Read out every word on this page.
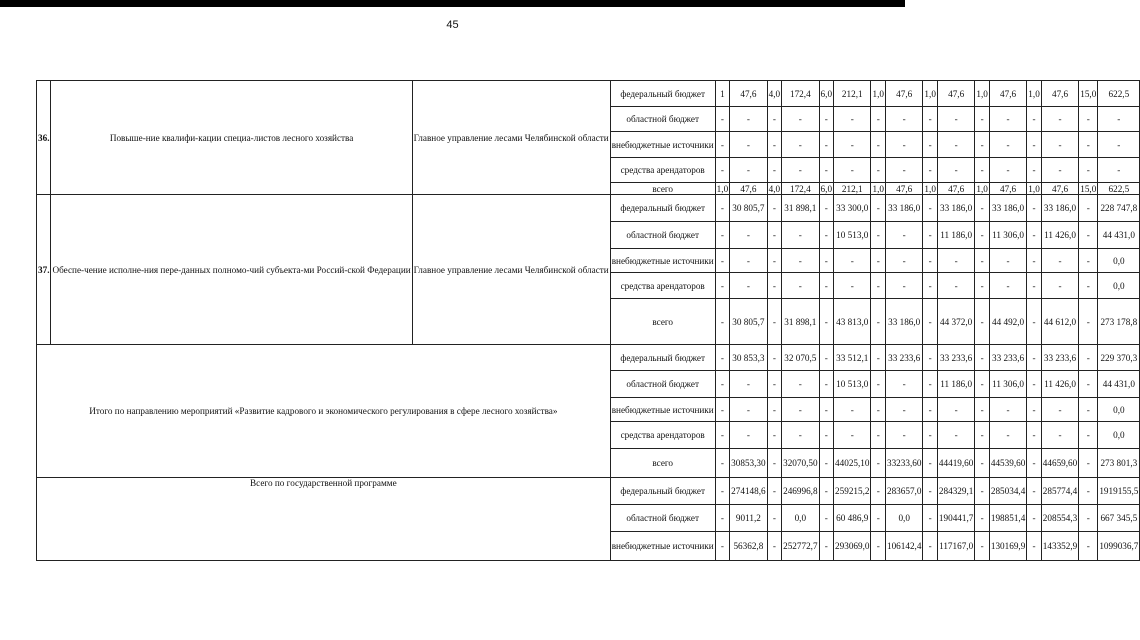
45
36.	Повыше-ние квалифи-кации специа-листов лесного хозяйства	Главное управление лесами Челябинской области	федеральный бюджет	1	47,6	4,0	172,4	6,0	212,1	1,0	47,6	1,0	47,6	1,0	47,6	1,0	47,6	15,0	622,5
			областной бюджет	-	-	-	-	-	-	-	-	-	-	-	-	-	-	-	-
			внебюджетные источники	-	-	-	-	-	-	-	-	-	-	-	-	-	-	-	-
			средства арендаторов	-	-	-	-	-	-	-	-	-	-	-	-	-	-	-	-
			всего	1,0	47,6	4,0	172,4	6,0	212,1	1,0	47,6	1,0	47,6	1,0	47,6	1,0	47,6	15,0	622,5
37.	Обеспе-чение исполне-ния пере-данных полномо-чий субъекта-ми Россий-ской Федерации	Главное управление лесами Челябинской области	федеральный бюджет	-	30 805,7	-	31 898,1	-	33 300,0	-	33 186,0	-	33 186,0	-	33 186,0	-	33 186,0	-	228 747,8
			областной бюджет	-	-	-	-	-	10 513,0	-	-	-	11 186,0	-	11 306,0	-	11 426,0	-	44 431,0
			внебюджетные источники	-	-	-	-	-	-	-	-	-	-	-	-	-	-	-	0,0
			средства арендаторов	-	-	-	-	-	-	-	-	-	-	-	-	-	-	-	0,0
			всего	-	30 805,7	-	31 898,1	-	43 813,0	-	33 186,0	-	44 372,0	-	44 492,0	-	44 612,0	-	273 178,8
Итого по направлению мероприятий «Развитие кадрового и экономического регулирования в сфере лесного хозяйства»			федеральный бюджет	-	30 853,3	-	32 070,5	-	33 512,1	-	33 233,6	-	33 233,6	-	33 233,6	-	33 233,6	-	229 370,3
			областной бюджет	-	-	-	-	-	10 513,0	-	-	-	11 186,0	-	11 306,0	-	11 426,0	-	44 431,0
			внебюджетные источники	-	-	-	-	-	-	-	-	-	-	-	-	-	-	-	0,0
			средства арендаторов	-	-	-	-	-	-	-	-	-	-	-	-	-	-	-	0,0
			всего	-	30853,30	-	32070,50	-	44025,10	-	33233,60	-	44419,60	-	44539,60	-	44659,60	-	273 801,3
Всего по государственной программе			федеральный бюджет	-	274148,6	-	246996,8	-	259215,2	-	283657,0	-	284329,1	-	285034,4	-	285774,4	-	1919155,5
			областной бюджет	-	9011,2	-	0,0	-	60 486,9	-	0,0	-	190441,7	-	198851,4	-	208554,3	-	667 345,5
			внебюджетные источники	-	56362,8	-	252772,7	-	293069,0	-	106142,4	-	117167,0	-	130169,9	-	143352,9	-	1099036,7
